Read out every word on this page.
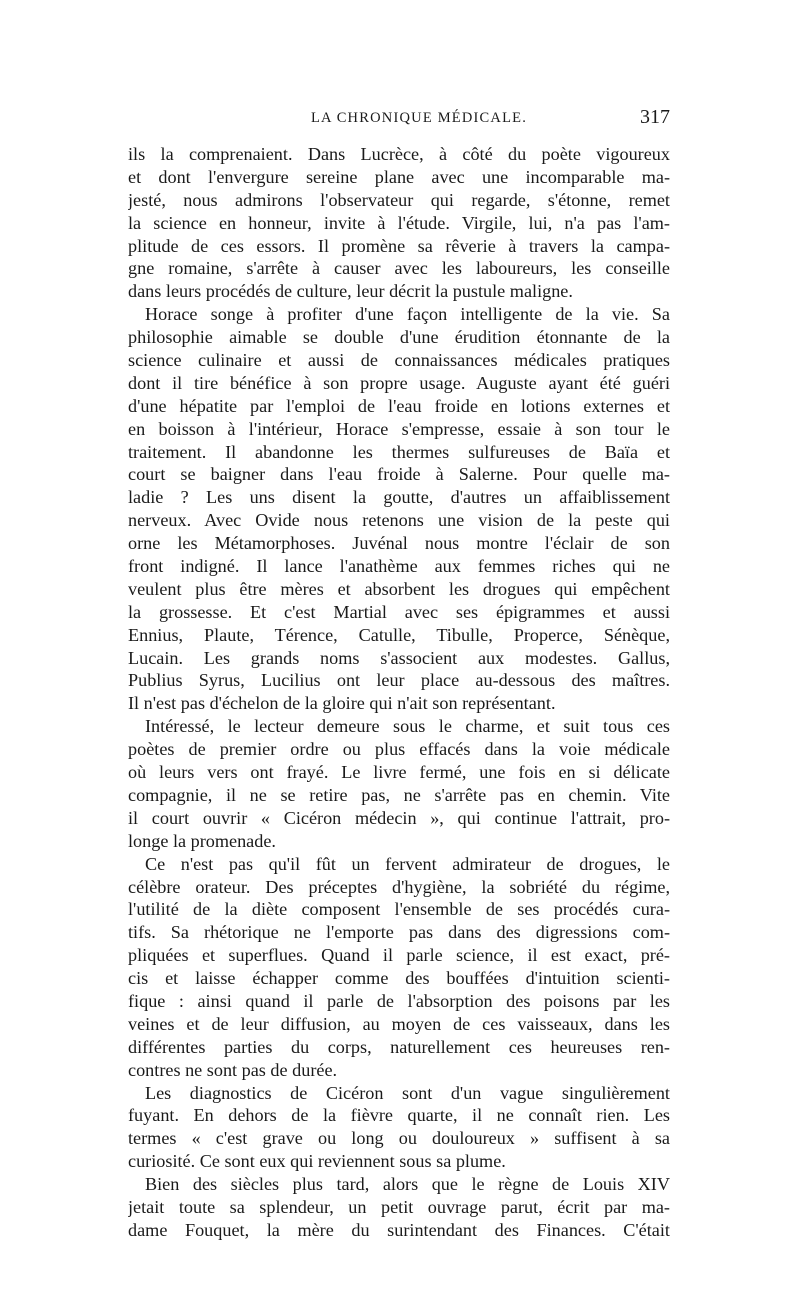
LA CHRONIQUE MÉDICALE.	317
ils la comprenaient. Dans Lucrèce, à côté du poète vigoureux
et dont l'envergure sereine plane avec une incomparable ma-
jesté, nous admirons l'observateur qui regarde, s'étonne, remet
la science en honneur, invite à l'étude. Virgile, lui, n'a pas l'am-
plitude de ces essors. Il promène sa rêverie à travers la campa-
gne romaine, s'arrête à causer avec les laboureurs, les conseille
dans leurs procédés de culture, leur décrit la pustule maligne.
Horace songe à profiter d'une façon intelligente de la vie. Sa
philosophie aimable se double d'une érudition étonnante de la
science culinaire et aussi de connaissances médicales pratiques
dont il tire bénéfice à son propre usage. Auguste ayant été guéri
d'une hépatite par l'emploi de l'eau froide en lotions externes et
en boisson à l'intérieur, Horace s'empresse, essaie à son tour le
traitement. Il abandonne les thermes sulfureuses de Baïa et
court se baigner dans l'eau froide à Salerne. Pour quelle ma-
ladie ? Les uns disent la goutte, d'autres un affaiblissement
nerveux. Avec Ovide nous retenons une vision de la peste qui
orne les Métamorphoses. Juvénal nous montre l'éclair de son
front indigné. Il lance l'anathème aux femmes riches qui ne
veulent plus être mères et absorbent les drogues qui empêchent
la grossesse. Et c'est Martial avec ses épigrammes et aussi
Ennius, Plaute, Térence, Catulle, Tibulle, Properce, Sénèque,
Lucain. Les grands noms s'associent aux modestes. Gallus,
Publius Syrus, Lucilius ont leur place au-dessous des maîtres.
Il n'est pas d'échelon de la gloire qui n'ait son représentant.
Intéressé, le lecteur demeure sous le charme, et suit tous ces
poètes de premier ordre ou plus effacés dans la voie médicale
où leurs vers ont frayé. Le livre fermé, une fois en si délicate
compagnie, il ne se retire pas, ne s'arrête pas en chemin. Vite
il court ouvrir « Cicéron médecin », qui continue l'attrait, pro-
longe la promenade.
Ce n'est pas qu'il fût un fervent admirateur de drogues, le
célèbre orateur. Des préceptes d'hygiène, la sobriété du régime,
l'utilité de la diète composent l'ensemble de ses procédés cura-
tifs. Sa rhétorique ne l'emporte pas dans des digressions com-
pliquées et superflues. Quand il parle science, il est exact, pré-
cis et laisse échapper comme des bouffées d'intuition scienti-
fique : ainsi quand il parle de l'absorption des poisons par les
veines et de leur diffusion, au moyen de ces vaisseaux, dans les
différentes parties du corps, naturellement ces heureuses ren-
contres ne sont pas de durée.
Les diagnostics de Cicéron sont d'un vague singulièrement
fuyant. En dehors de la fièvre quarte, il ne connaît rien. Les
termes « c'est grave ou long ou douloureux » suffisent à sa
curiosité. Ce sont eux qui reviennent sous sa plume.
Bien des siècles plus tard, alors que le règne de Louis XIV
jetait toute sa splendeur, un petit ouvrage parut, écrit par ma-
dame Fouquet, la mère du surintendant des Finances. C'était
